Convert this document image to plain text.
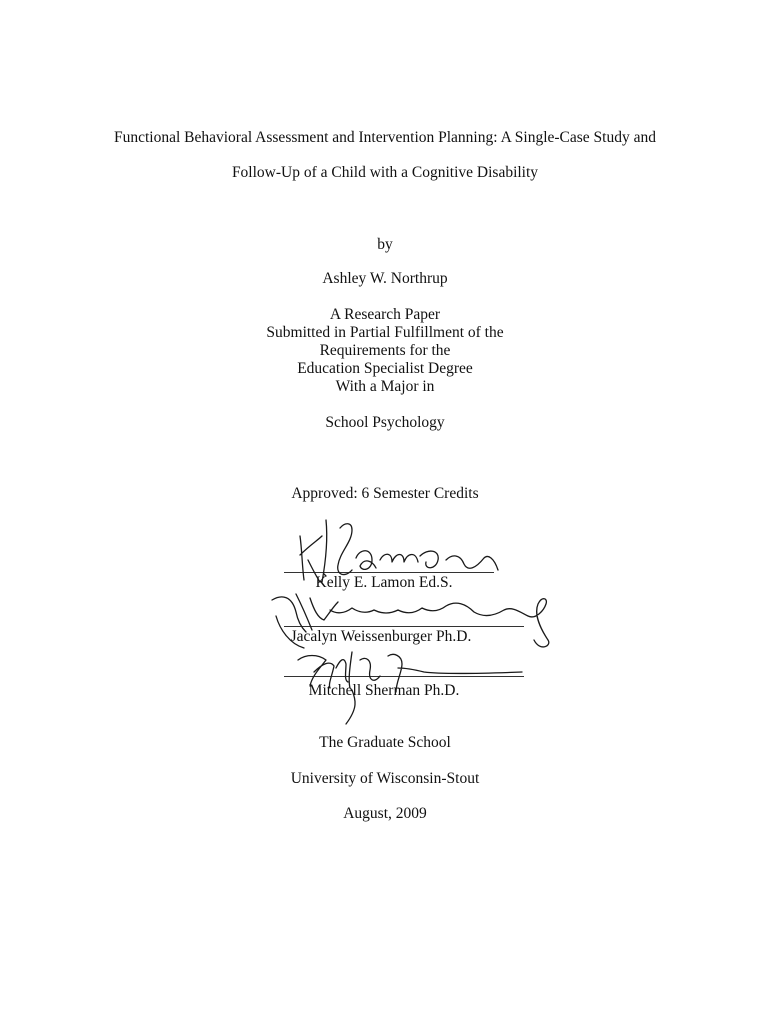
Functional Behavioral Assessment and Intervention Planning: A Single-Case Study and
Follow-Up of a Child with a Cognitive Disability
by
Ashley W. Northrup
A Research Paper
Submitted in Partial Fulfillment of the
Requirements for the
Education Specialist Degree
With a Major in
School Psychology
Approved: 6 Semester Credits
Kelly E. Lamon Ed.S.
Jacalyn Weissenburger Ph.D.
Mitchell Sherman Ph.D.
The Graduate School
University of Wisconsin-Stout
August, 2009
